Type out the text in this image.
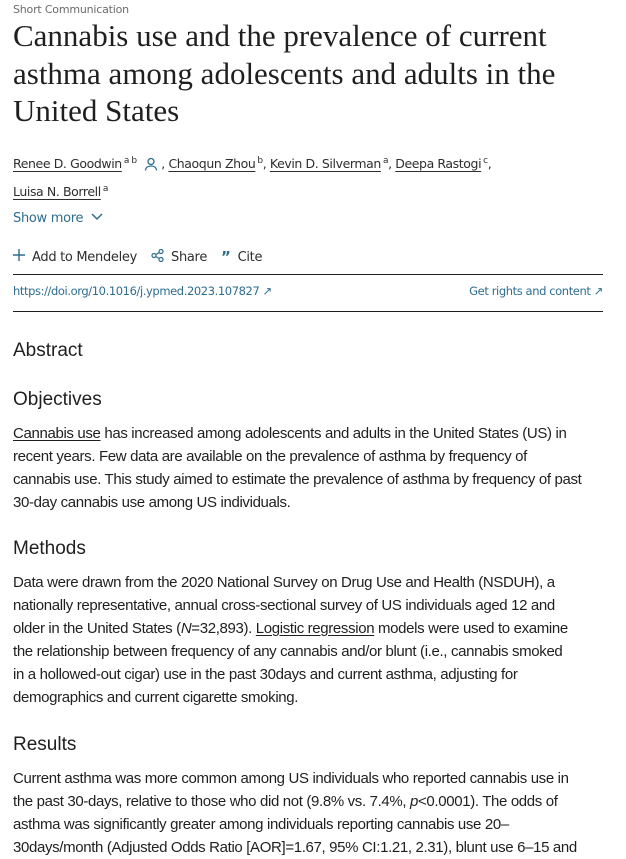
Short Communication
Cannabis use and the prevalence of current
asthma among adolescents and adults in the
United States
Renee D. Goodwin $^{a b}$ , Chaoqun Zhou $^b$, Kevin D. Silverman $^a$, Deepa Rastogi $^c$,
Luisa N. Borrell $^a$
Show more
Add to Mendeley	Share ” Cite
https://doi.org/10.1016/j.ypmed.2023.107827 ↗	Get rights and content ↗
Abstract
Objectives
Cannabis use has increased among adolescents and adults in the United States (US) in
recent years. Few data are available on the prevalence of asthma by frequency of
cannabis use. This study aimed to estimate the prevalence of asthma by frequency of past
30-day cannabis use among US individuals.
Methods
Data were drawn from the 2020 National Survey on Drug Use and Health (NSDUH), a
nationally representative, annual cross-sectional survey of US individuals aged 12 and
older in the United States (N=32,893). Logistic regression models were used to examine
the relationship between frequency of any cannabis and/or blunt (i.e., cannabis smoked
in a hollowed-out cigar) use in the past 30days and current asthma, adjusting for
demographics and current cigarette smoking.
Results
Current asthma was more common among US individuals who reported cannabis use in
the past 30-days, relative to those who did not (9.8% vs. 7.4%, p<0.0001). The odds of
asthma was significantly greater among individuals reporting cannabis use 20–
30days/month (Adjusted Odds Ratio [AOR]=1.67, 95% CI:1.21, 2.31), blunt use 6–15 and
